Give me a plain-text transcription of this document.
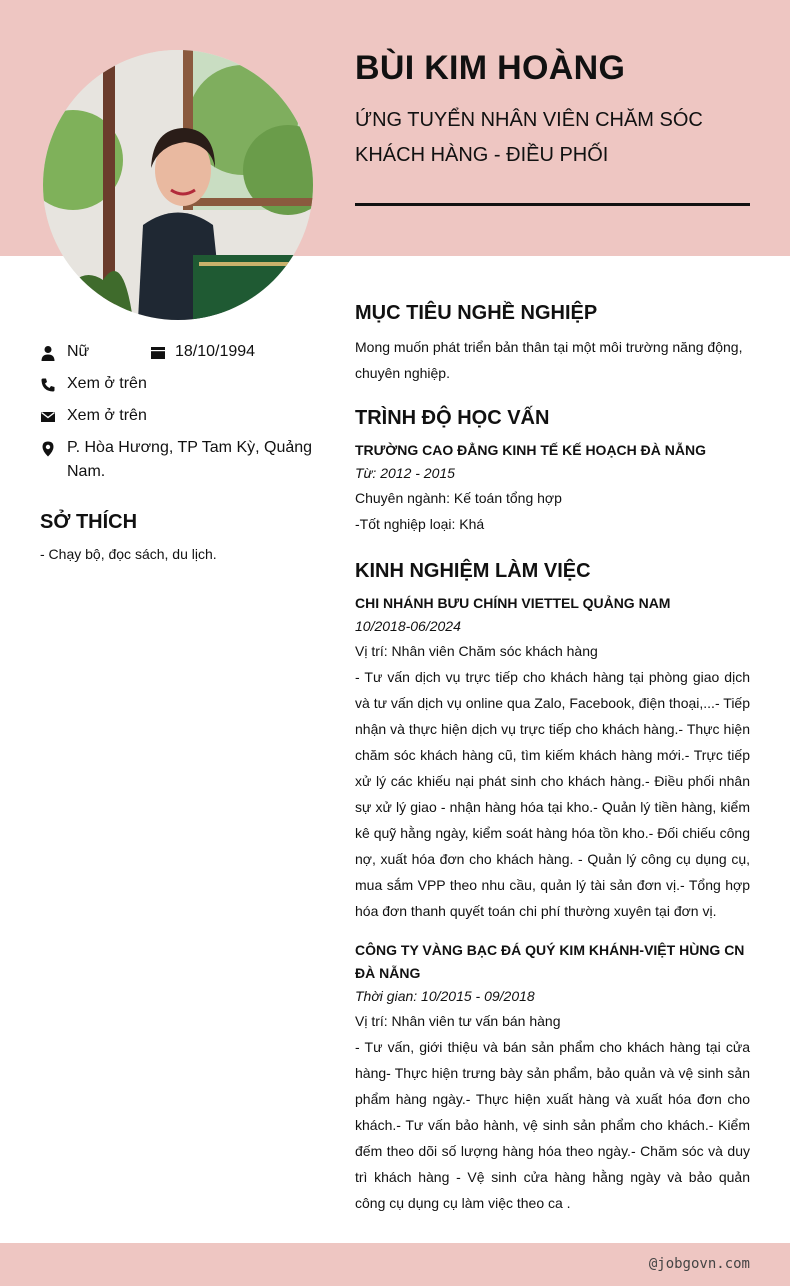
BÙI KIM HOÀNG
ỨNG TUYỂN NHÂN VIÊN CHĂM SÓC
KHÁCH HÀNG - ĐIỀU PHỐI
Nữ	18/10/1994
Xem ở trên
Xem ở trên
P. Hòa Hương, TP Tam Kỳ, Quảng
Nam.
SỞ THÍCH
- Chạy bộ, đọc sách, du lịch.
MỤC TIÊU NGHỀ NGHIỆP
Mong muốn phát triển bản thân tại một môi trường năng động,
chuyên nghiệp.
TRÌNH ĐỘ HỌC VẤN
TRƯỜNG CAO ĐẲNG KINH TẾ KẾ HOẠCH ĐÀ NẴNG
Từ: 2012 - 2015
Chuyên ngành: Kế toán tổng hợp
-Tốt nghiệp loại: Khá
KINH NGHIỆM LÀM VIỆC
CHI NHÁNH BƯU CHÍNH VIETTEL QUẢNG NAM
10/2018-06/2024
Vị trí: Nhân viên Chăm sóc khách hàng

- Tư vấn dịch vụ trực tiếp cho khách hàng tại phòng giao dịch và tư vấn dịch vụ online qua Zalo, Facebook, điện thoại,...- Tiếp nhận và thực hiện dịch vụ trực tiếp cho khách hàng.- Thực hiện chăm sóc khách hàng cũ, tìm kiếm khách hàng mới.- Trực tiếp xử lý các khiếu nại phát sinh cho khách hàng.- Điều phối nhân sự xử lý giao - nhận hàng hóa tại kho.- Quản lý tiền hàng, kiểm kê quỹ hằng ngày, kiểm soát hàng hóa tồn kho.- Đối chiếu công nợ, xuất hóa đơn cho khách hàng. - Quản lý công cụ dụng cụ, mua sắm VPP theo nhu cầu, quản lý tài sản đơn vị.- Tổng hợp hóa đơn thanh quyết toán chi phí thường xuyên tại đơn vị.

CÔNG TY VÀNG BẠC ĐÁ QUÝ KIM KHÁNH-VIỆT HÙNG CN ĐÀ NẴNG
Thời gian: 10/2015 - 09/2018
Vị trí: Nhân viên tư vấn bán hàng

- Tư vấn, giới thiệu và bán sản phẩm cho khách hàng tại cửa hàng- Thực hiện trưng bày sản phẩm, bảo quản và vệ sinh sản phẩm hàng ngày.- Thực hiện xuất hàng và xuất hóa đơn cho khách.- Tư vấn bảo hành, vệ sinh sản phẩm cho khách.- Kiểm đếm theo dõi số lượng hàng hóa theo ngày.- Chăm sóc và duy trì khách hàng - Vệ sinh cửa hàng hằng ngày và bảo quản công cụ dụng cụ làm việc theo ca .

@jobgovn.com
